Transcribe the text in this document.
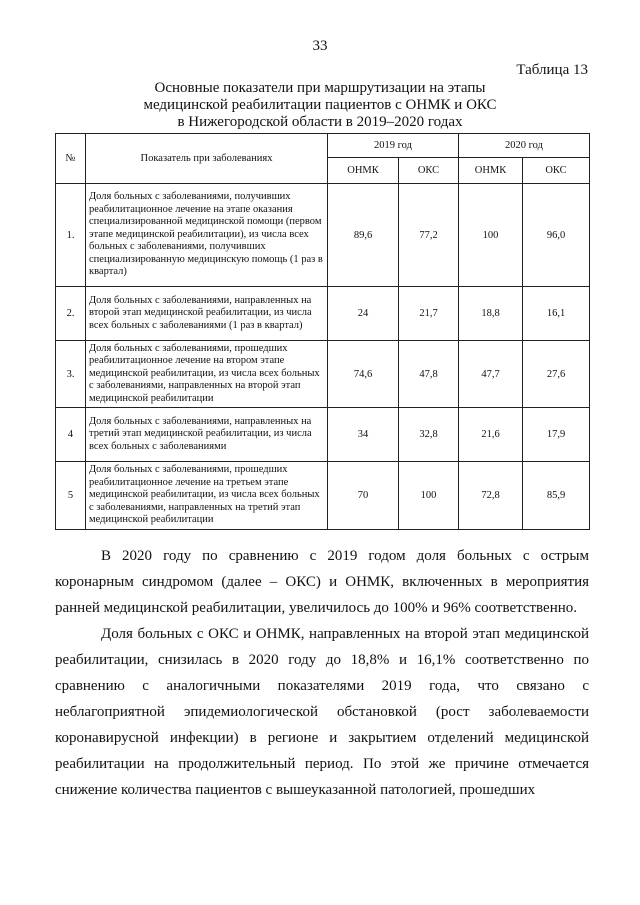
33
Таблица 13
Основные показатели при маршрутизации на этапы
медицинской реабилитации пациентов с ОНМК и ОКС
в Нижегородской области в 2019–2020 годах
№	Показатель при заболеваниях	2019 год		2020 год	
		ОНМК	ОКС	ОНМК	ОКС
1.	Доля больных с заболеваниями, получивших реабилитационное лечение на этапе оказания специализированной медицинской помощи (первом этапе медицинской реабилитации), из числа всех больных с заболеваниями, получивших специализированную медицинскую помощь (1 раз в квартал)	89,6	77,2	100	96,0
2.	Доля больных с заболеваниями, направленных на второй этап медицинской реабилитации, из числа всех больных с заболеваниями (1 раз в квартал)	24	21,7	18,8	16,1
3.	Доля больных с заболеваниями, прошедших реабилитационное лечение на втором этапе медицинской реабилитации, из числа всех больных с заболеваниями, направленных на второй этап медицинской реабилитации	74,6	47,8	47,7	27,6
4	Доля больных с заболеваниями, направленных на третий этап медицинской реабилитации, из числа всех больных с заболеваниями	34	32,8	21,6	17,9
5	Доля больных с заболеваниями, прошедших реабилитационное лечение на третьем этапе медицинской реабилитации, из числа всех больных с заболеваниями, направленных на третий этап медицинской реабилитации	70	100	72,8	85,9

В 2020 году по сравнению с 2019 годом доля больных с острым коронарным синдромом (далее – ОКС) и ОНМК, включенных в мероприятия ранней медицинской реабилитации, увеличилось до 100% и 96% соответственно.

Доля больных с ОКС и ОНМК, направленных на второй этап медицинской реабилитации, снизилась в 2020 году до 18,8% и 16,1% соответственно по сравнению с аналогичными показателями 2019 года, что связано с неблагоприятной эпидемиологической обстановкой (рост заболеваемости коронавирусной инфекции) в регионе и закрытием отделений медицинской реабилитации на продолжительный период. По этой же причине отмечается снижение количества пациентов с вышеуказанной патологией, прошедших
